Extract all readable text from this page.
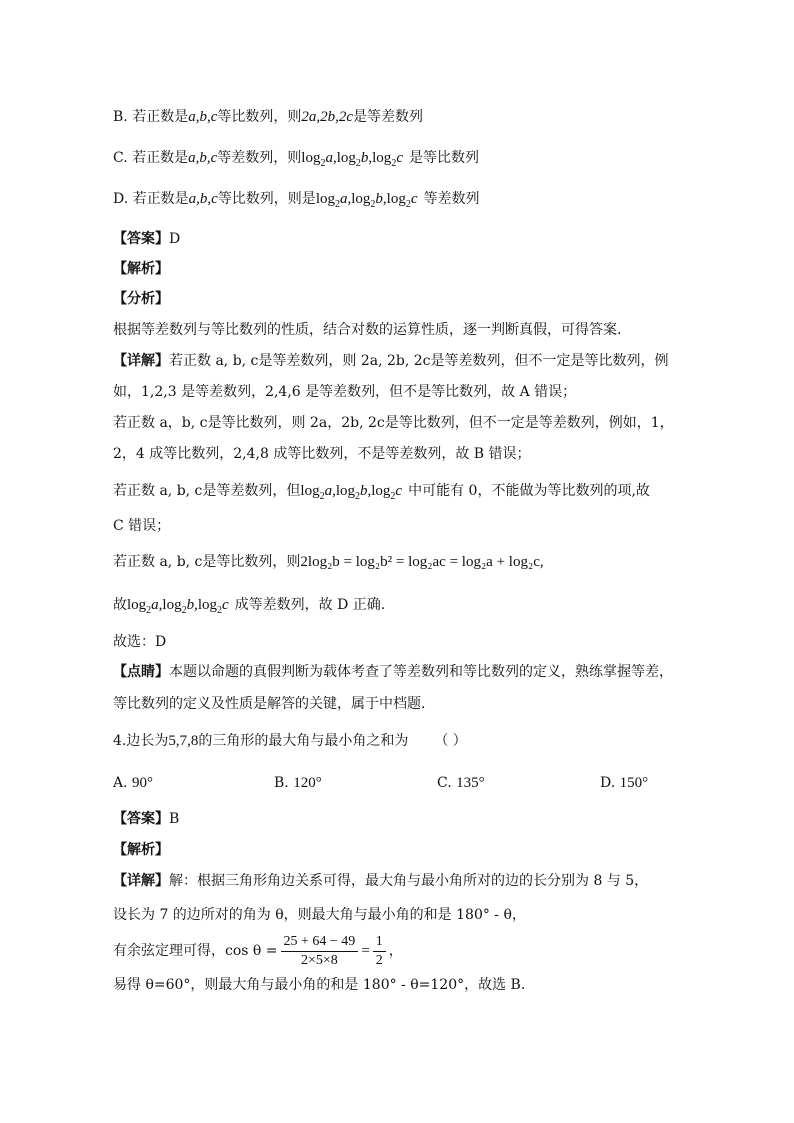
B. 若正数是a,b,c等比数列，则2a,2b,2c是等差数列
C. 若正数是a,b,c等差数列，则$\log_2a,\log_2b,\log_2c$ 是等比数列
D. 若正数是a,b,c等比数列，则是$\log_2a,\log_2b,\log_2c$ 等差数列
【答案】D
【解析】
【分析】
根据等差数列与等比数列的性质，结合对数的运算性质，逐一判断真假，可得答案.
【详解】若正数 a, b, c是等差数列，则 2a, 2b, 2c是等差数列，但不一定是等比数列，例
如，1,2,3 是等差数列，2,4,6 是等差数列，但不是等比数列，故 A 错误；
若正数 a，b, c是等比数列，则 2a，2b, 2c是等比数列，但不一定是等差数列，例如，1，
2，4 成等比数列，2,4,8 成等比数列，不是等差数列，故 B 错误；
若正数 a, b, c是等差数列，但$\log_2a,\log_2b,\log_2c$ 中可能有 0，不能做为等比数列的项,故
C 错误；
若正数 a, b, c是等比数列，则2log₂b = log₂b² = log₂ac = log₂a + log₂c,
故$\log_2a,\log_2b,\log_2c$ 成等差数列，故 D 正确.
故选：D
【点睛】本题以命题的真假判断为载体考查了等差数列和等比数列的定义，熟练掌握等差，
等比数列的定义及性质是解答的关键，属于中档题.
4.边长为5,7,8的三角形的最大角与最小角之和为 （ ）
A. 90°	B. 120°	C. 135°	D. 150°
【答案】B
【解析】
【详解】解：根据三角形角边关系可得，最大角与最小角所对的边的长分别为 8 与 5，
设长为 7 的边所对的角为 θ，则最大角与最小角的和是 180° - θ，
有余弦定理可得，$\cos \theta = \frac{25 + 64 - 49}{2\times 5\times 8} = \frac{1}{2}$ ，
易得 θ=60°，则最大角与最小角的和是 180° - θ=120°，故选 B.
